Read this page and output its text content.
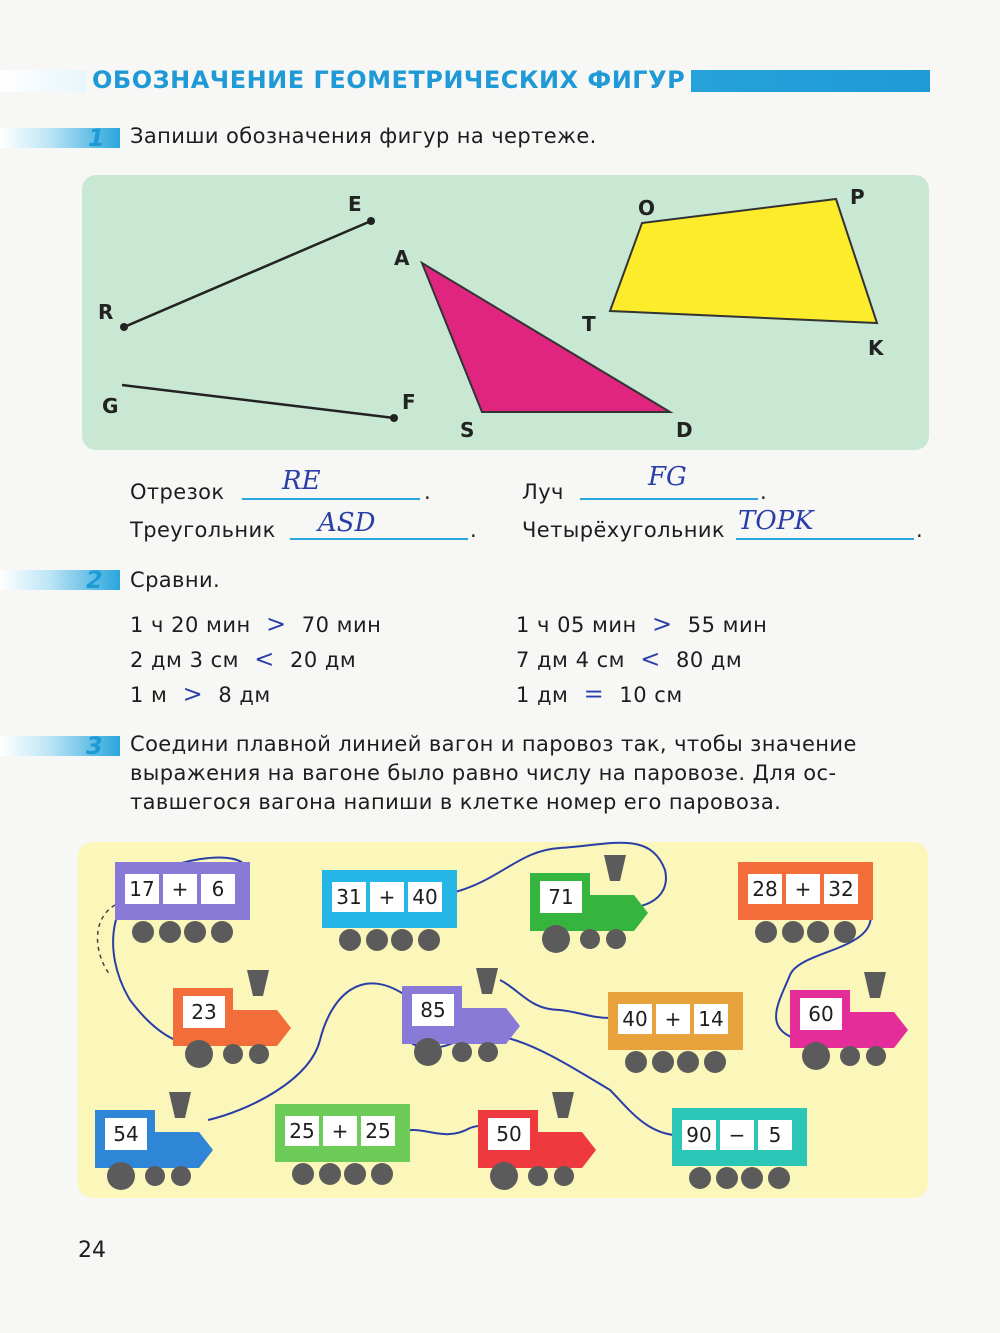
ОБОЗНАЧЕНИЕ ГЕОМЕТРИЧЕСКИХ ФИГУР
1 Запиши обозначения фигур на чертеже.
E
R
A
G	F
S	D
O	P
T
K
Отрезок RE	.	Луч	FG	.
Треугольник ASD	. Четырёхугольник TOPK	.
2 Сравни.
1 ч 20 мин > 70 мин
2 дм 3 см < 20 дм
1 м > 8 дм
1 ч 05 мин > 55 мин
7 дм 4 см < 80 дм
1 дм = 10 см
3 Соедини плавной линией вагон и паровоз так, чтобы значение
выражения на вагоне было равно числу на паровозе. Для ос-
тавшегося вагона напиши в клетке номер его паровоза.
17 +	6	31 + 40	28 + 32
40 + 14
25 + 25	90 −	5
71
23	85	60
54	50
24
